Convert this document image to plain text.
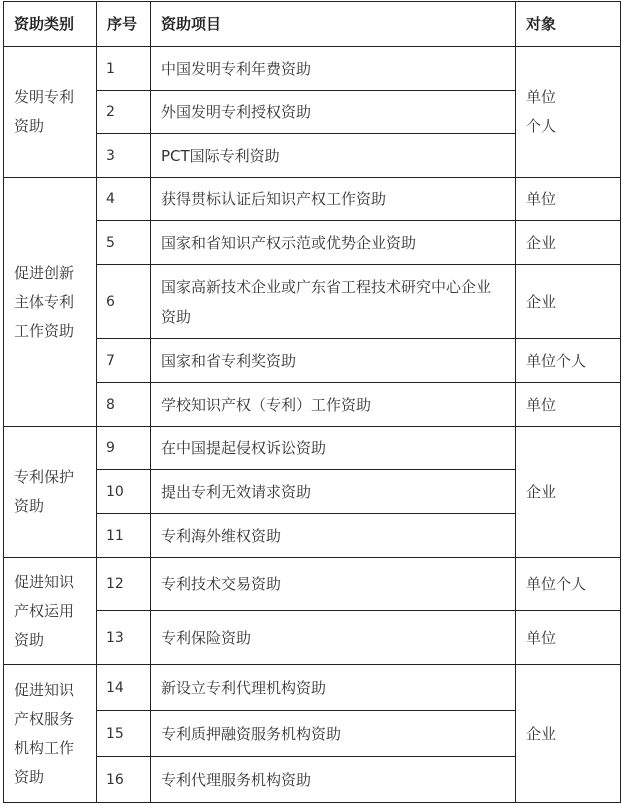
资助类别	序号	资助项目	对象
发明专利资助	1	中国发明专利年费资助	单位个人
	2	外国发明专利授权资助	
	3	PCT国际专利资助	
促进创新主体专利工作资助	4	获得贯标认证后知识产权工作资助	单位
	5	国家和省知识产权示范或优势企业资助	企业
	6	国家高新技术企业或广东省工程技术研究中心企业资助	企业
	7	国家和省专利奖资助	单位个人
	8	学校知识产权（专利）工作资助	单位
专利保护资助	9	在中国提起侵权诉讼资助	企业
	10	提出专利无效请求资助	
	11	专利海外维权资助	
促进知识产权运用资助	12	专利技术交易资助	单位个人
	13	专利保险资助	单位
促进知识产权服务机构工作资助	14	新设立专利代理机构资助	企业
	15	专利质押融资服务机构资助	
	16	专利代理服务机构资助	
